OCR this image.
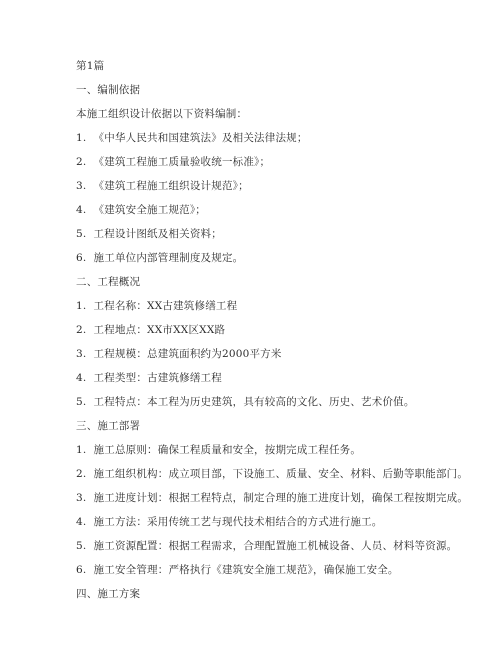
第1篇
一、编制依据
本施工组织设计依据以下资料编制：
1. 《中华人民共和国建筑法》及相关法律法规；
2. 《建筑工程施工质量验收统一标准》；
3. 《建筑工程施工组织设计规范》；
4. 《建筑安全施工规范》；
5. 工程设计图纸及相关资料；
6. 施工单位内部管理制度及规定。
二、工程概况
1. 工程名称：XX古建筑修缮工程
2. 工程地点：XX市XX区XX路
3. 工程规模：总建筑面积约为2000平方米
4. 工程类型：古建筑修缮工程
5. 工程特点：本工程为历史建筑，具有较高的文化、历史、艺术价值。
三、施工部署
1. 施工总原则：确保工程质量和安全，按期完成工程任务。
2. 施工组织机构：成立项目部，下设施工、质量、安全、材料、后勤等职能部门。
3. 施工进度计划：根据工程特点，制定合理的施工进度计划，确保工程按期完成。
4. 施工方法：采用传统工艺与现代技术相结合的方式进行施工。
5. 施工资源配置：根据工程需求，合理配置施工机械设备、人员、材料等资源。
6. 施工安全管理：严格执行《建筑安全施工规范》，确保施工安全。
四、施工方案
